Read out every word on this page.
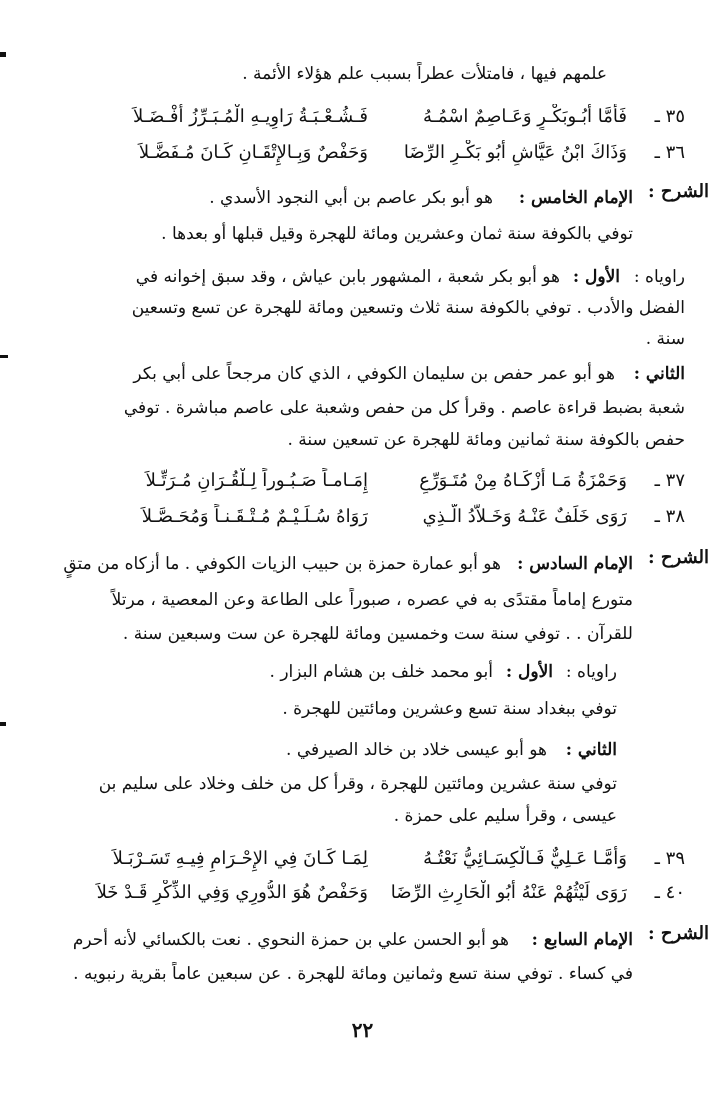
علمهم فيها ، فامتلأت عطراً بسبب علم هؤلاء الأئمة .
٣٥ ـ
فَأَمَّا أَبُـوبَكْـرٍ وَعَـاصِمٌ اسْمُـهُ
فَـشُـعْـبَـةُ رَاوِيـهِ الْمُـبَـرِّزُ أَفْـضَـلاَ
٣٦ ـ
وَذَاكَ ابْنُ عَيَّاشٍ أَبُو بَكْـرِ الرِّضَا
وَحَفْصٌ وَبِـالإِتْقَـانِ كَـانَ مُـفَضَّـلاَ
الشرح :
الإمام الخامس :
هو أبو بكر عاصم بن أبي النجود الأسدي .
توفي بالكوفة سنة ثمان وعشرين ومائة للهجرة وقيل قبلها أو بعدها .
راوياه :
الأول :
هو أبو بكر شعبة ، المشهور بابن عياش ، وقد سبق إخوانه في
الفضل والأدب . توفي بالكوفة سنة ثلاث وتسعين ومائة للهجرة عن تسع وتسعين
سنة .
الثاني :
هو أبو عمر حفص بن سليمان الكوفي ، الذي كان مرجحاً على أبي بكر
شعبة بضبط قراءة عاصم . وقرأ كل من حفص وشعبة على عاصم مباشرة . توفي
حفص بالكوفة سنة ثمانين ومائة للهجرة عن تسعين سنة .
٣٧ ـ
وَحَمْزَةُ مَـا أَزْكَـاهُ مِنْ مُتَـوَرِّعٍ
إِمَـامـاً صَـبُـوراً لِـلْقُـرَانِ مُـرَتِّـلاَ
٣٨ ـ
رَوَى خَلَفٌ عَنْـهُ وَخَـلاَّدُ الَّـذِي
رَوَاهُ سُـلَـيْـمٌ مُـتْـقَـنـاً وَمُحَـصَّـلاَ
الشرح :
الإمام السادس :
هو أبو عمارة حمزة بن حبيب الزيات الكوفي . ما أزكاه من متقٍ
متورع إماماً مقتدًى به في عصره ، صبوراً على الطاعة وعن المعصية ، مرتلاً
للقرآن . . توفي سنة ست وخمسين ومائة للهجرة عن ست وسبعين سنة .
راوياه :
الأول :
أبو محمد خلف بن هشام البزار .
توفي ببغداد سنة تسع وعشرين ومائتين للهجرة .
الثاني :
هو أبو عيسى خلاد بن خالد الصيرفي .
توفي سنة عشرين ومائتين للهجرة ، وقرأ كل من خلف وخلاد على سليم بن
عيسى ، وقرأ سليم على حمزة .
٣٩ ـ
وَأَمَّـا عَـلِيٌّ فَـالْكِسَـائِيُّ نَعْتُـهُ
لِمَـا كَـانَ فِي الإِحْـرَامِ فِيـهِ تَسَـرْبَـلاَ
٤٠ ـ
رَوَى لَيْثُهُمْ عَنْهُ أَبُو الْحَارِثِ الرِّضَا
وَحَفْصٌ هُوَ الدُّورِي وَفِي الذِّكْرِ قَـدْ خَلاَ
الشرح :
الإمام السابع :
هو أبو الحسن علي بن حمزة النحوي . نعت بالكسائي لأنه أحرم
في كساء . توفي سنة تسع وثمانين ومائة للهجرة . عن سبعين عاماً بقرية رنبويه .
٢٢
